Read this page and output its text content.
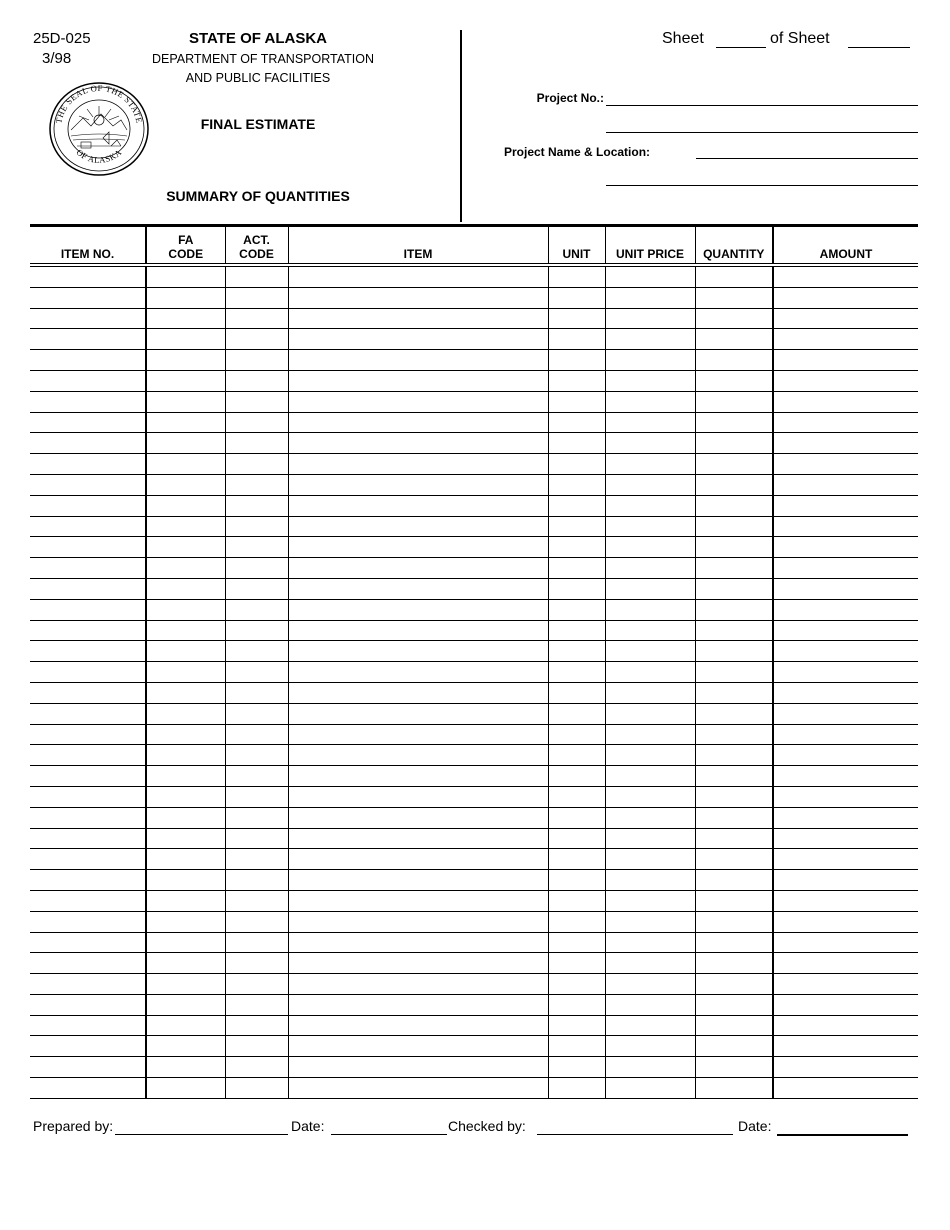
25D-025
3/98
THE SEAL OF THE STATE
OF ALASKA
STATE OF ALASKA
DEPARTMENT OF TRANSPORTATION
AND PUBLIC FACILITIES
FINAL ESTIMATE
SUMMARY OF QUANTITIES
Sheet	of Sheet
Project No.:
Project Name & Location:
ITEM NO.	FA CODE	ACT. CODE	ITEM	UNIT	UNIT PRICE	QUANTITY	AMOUNT

Prepared by:	Date:	Checked by:	Date:
